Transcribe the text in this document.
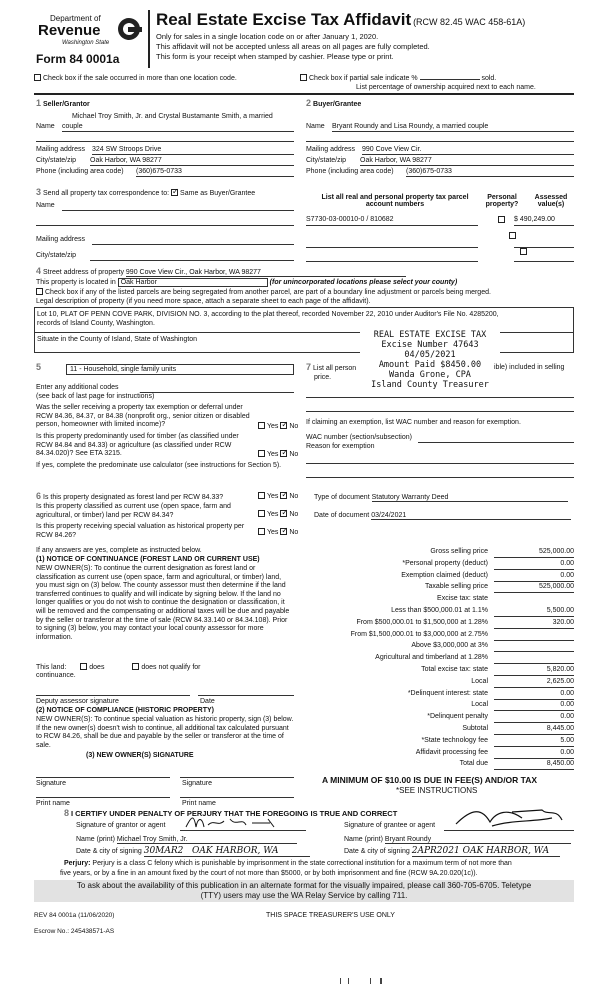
Department of
Revenue
Washington State
Form 84 0001a
Real Estate Excise Tax Affidavit (RCW 82.45 WAC 458-61A)
Only for sales in a single location code on or after January 1, 2020.
This affidavit will not be accepted unless all areas on all pages are fully completed.
This form is your receipt when stamped by cashier. Please type or print.
Check box if the sale occurred in more than one location code.	Check box if partial sale indicate %	sold.
List percentage of ownership acquired next to each name.
1 Seller/Grantor
Michael Troy Smith, Jr. and Crystal Bustamante Smith, a married
Name couple
Mailing address 324 SW Stroops Drive
City/state/zip Oak Harbor, WA 98277
Phone (including area code) (360)675-0733
2 Buyer/Grantee
Name Bryant Roundy and Lisa Roundy, a married couple
Mailing address 990 Cove View Cir.
City/state/zip Oak Harbor, WA 98277
Phone (including area code) (360)675-0733
3 Send all property tax correspondence to: ✓ Same as Buyer/Grantee
Name
Mailing address
City/state/zip
List all real and personal property tax parcel account numbers
Personal property?
Assessed value(s)
S7730-03-00010-0 / 810682
	$ 490,249.00

4 Street address of property 990 Cove View Cir., Oak Harbor, WA 98277
This property is located in Oak Harbor	(for unincorporated locations please select your county)
Check box if any of the listed parcels are being segregated from another parcel, are part of a boundary line adjustment or parcels being merged.
Legal description of property (if you need more space, attach a separate sheet to each page of the affidavit).
Lot 10, PLAT OF PENN COVE PARK, DIVISION NO. 3, according to the plat thereof, recorded November 22, 2010 under Auditor's File No. 4285200,
records of Island County, Washington.
Situate in the County of Island, State of Washington	REAL ESTATE EXCISE TAX
Excise Number 47643
04/05/2021
Amount Paid $8450.00
Wanda Grone, CPA
Island County Treasurer
5	11 - Household, single family units
Enter any additional codes
(see back of last page for instructions)
Was the seller receiving a property tax exemption or deferral under RCW 84.36, 84.37, or 84.38 (nonprofit org., senior citizen or disabled person, homeowner with limited income)?	Yes ✓ No
Is this property predominantly used for timber (as classified under RCW 84.84 and 84.33) or agriculture (as classified under RCW 84.34.020)? See ETA 3215.	Yes ✓ No
If yes, complete the predominate use calculator (see instructions for Section 5).
7 List all person	ible) included in selling
price.
If claiming an exemption, list WAC number and reason for exemption.
WAC number (section/subsection)
Reason for exemption
6 Is this property designated as forest land per RCW 84.33?	Yes ✓ No
Is this property classified as current use (open space, farm and agricultural, or timber) land per RCW 84.34?	Yes ✓ No
Is this property receiving special valuation as historical property per RCW 84.26?	Yes ✓ No
If any answers are yes, complete as instructed below.
(1) NOTICE OF CONTINUANCE (FOREST LAND OR CURRENT USE)
NEW OWNER(S): To continue the current designation as forest land or classification as current use (open space, farm and agricultural, or timber) land, you must sign on (3) below. The county assessor must then determine if the land transferred continues to qualify and will indicate by signing below. If the land no longer qualifies or you do not wish to continue the designation or classification, it will be removed and the compensating or additional taxes will be due and payable by the seller or transferor at the time of sale (RCW 84.33.140 or 84.34.108). Prior to signing (3) below, you may contact your local county assessor for more information.
This land:	does	does not qualify for
continuance.
Deputy assessor signature	Date
(2) NOTICE OF COMPLIANCE (HISTORIC PROPERTY)
NEW OWNER(S): To continue special valuation as historic property, sign (3) below. If the new owner(s) doesn't wish to continue, all additional tax calculated pursuant to RCW 84.26, shall be due and payable by the seller or transferor at the time of sale.
(3) NEW OWNER(S) SIGNATURE
Signature	Signature
Print name	Print name
Type of document Statutory Warranty Deed
Date of document 03/24/2021
Gross selling price	525,000.00
*Personal property (deduct)	0.00
Exemption claimed (deduct)	0.00
Taxable selling price	525,000.00
Excise tax: state
Less than $500,000.01 at 1.1%	5,500.00
From $500,000.01 to $1,500,000 at 1.28%	320.00
From $1,500,000.01 to $3,000,000 at 2.75%
Above $3,000,000 at 3%
Agricultural and timberland at 1.28%
Total excise tax: state	5,820.00
Local	2,625.00
*Delinquent interest: state	0.00
Local	0.00
*Delinquent penalty	0.00
Subtotal	8,445.00
*State technology fee	5.00
Affidavit processing fee	0.00
Total due	8,450.00
A MINIMUM OF $10.00 IS DUE IN FEE(S) AND/OR TAX
*SEE INSTRUCTIONS
8 I CERTIFY UNDER PENALTY OF PERJURY THAT THE FOREGOING IS TRUE AND CORRECT
Signature of grantor or agent
Name (print) Michael Troy Smith, Jr.
Date & city of signing 30MAR2 OAK HARBOR, WA
Signature of grantee or agent
Name (print) Bryant Roundy
Date & city of signing 2APR2021 OAK HARBOR, WA
Perjury: Perjury is a class C felony which is punishable by imprisonment in the state correctional institution for a maximum term of not more than
five years, or by a fine in an amount fixed by the court of not more than $5000, or by both imprisonment and fine (RCW 9A.20.020(1c)).
To ask about the availability of this publication in an alternate format for the visually impaired, please call 360-705-6705. Teletype
(TTY) users may use the WA Relay Service by calling 711.
REV 84 0001a (11/06/2020)	THIS SPACE TREASURER'S USE ONLY
Escrow No.: 245438571-AS
